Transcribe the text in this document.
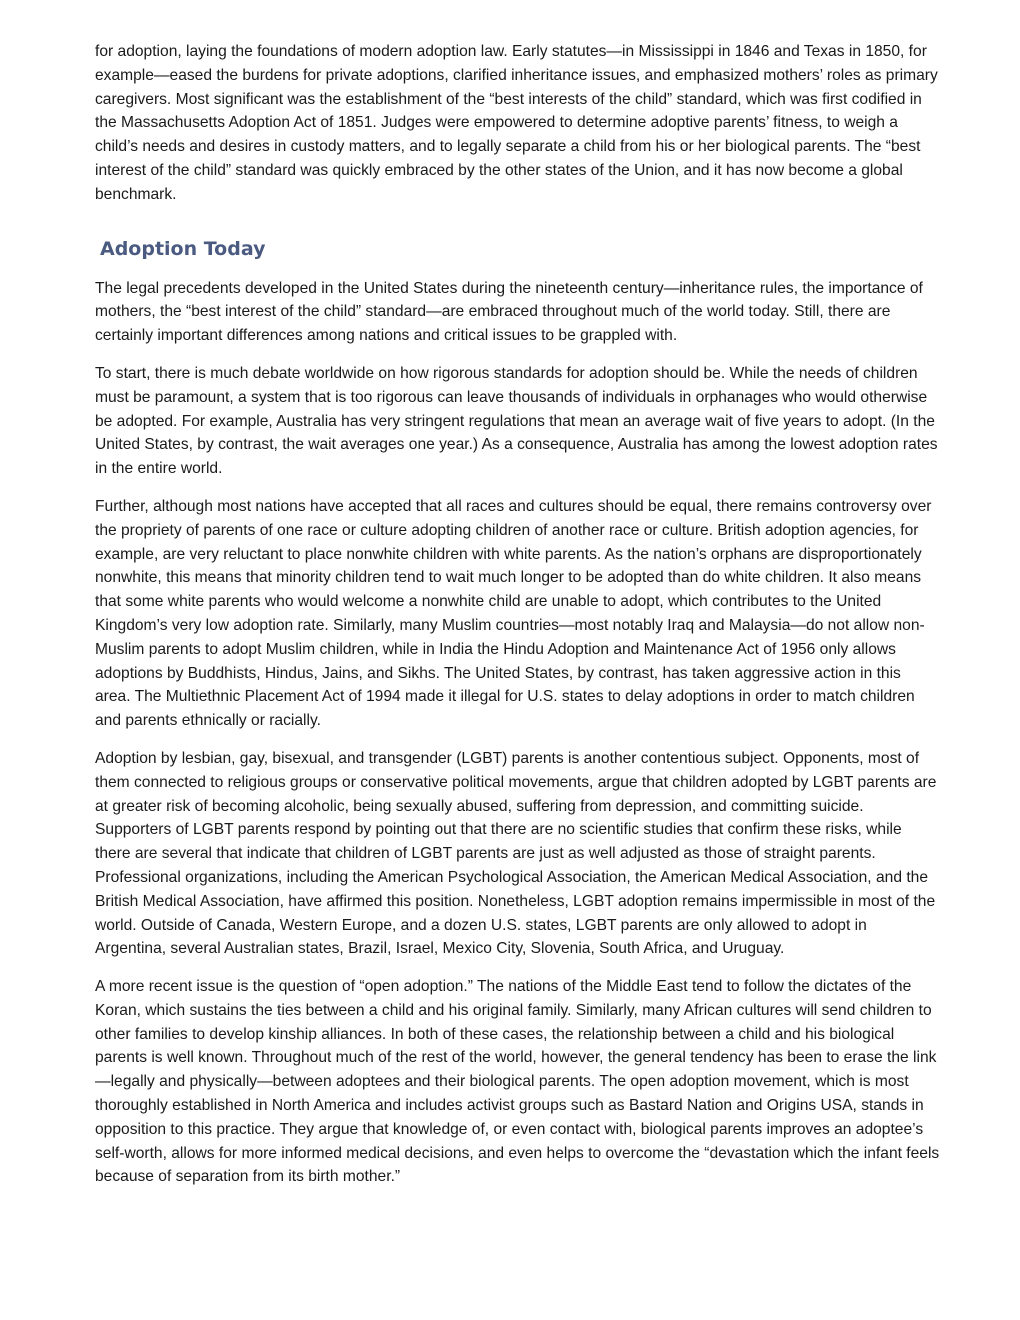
for adoption, laying the foundations of modern adoption law. Early statutes—in Mississippi in 1846 and Texas in 1850, for example—eased the burdens for private adoptions, clarified inheritance issues, and emphasized mothers’ roles as primary caregivers. Most significant was the establishment of the “best interests of the child” standard, which was first codified in the Massachusetts Adoption Act of 1851. Judges were empowered to determine adoptive parents’ fitness, to weigh a child’s needs and desires in custody matters, and to legally separate a child from his or her biological parents. The “best interest of the child” standard was quickly embraced by the other states of the Union, and it has now become a global benchmark.

Adoption Today

The legal precedents developed in the United States during the nineteenth century—inheritance rules, the importance of mothers, the “best interest of the child” standard—are embraced throughout much of the world today. Still, there are certainly important differences among nations and critical issues to be grappled with.

To start, there is much debate worldwide on how rigorous standards for adoption should be. While the needs of children must be paramount, a system that is too rigorous can leave thousands of individuals in orphanages who would otherwise be adopted. For example, Australia has very stringent regulations that mean an average wait of five years to adopt. (In the United States, by contrast, the wait averages one year.) As a consequence, Australia has among the lowest adoption rates in the entire world.

Further, although most nations have accepted that all races and cultures should be equal, there remains controversy over the propriety of parents of one race or culture adopting children of another race or culture. British adoption agencies, for example, are very reluctant to place nonwhite children with white parents. As the nation’s orphans are disproportionately nonwhite, this means that minority children tend to wait much longer to be adopted than do white children. It also means that some white parents who would welcome a nonwhite child are unable to adopt, which contributes to the United Kingdom’s very low adoption rate. Similarly, many Muslim countries—most notably Iraq and Malaysia—do not allow non-Muslim parents to adopt Muslim children, while in India the Hindu Adoption and Maintenance Act of 1956 only allows adoptions by Buddhists, Hindus, Jains, and Sikhs. The United States, by contrast, has taken aggressive action in this area. The Multiethnic Placement Act of 1994 made it illegal for U.S. states to delay adoptions in order to match children and parents ethnically or racially.

Adoption by lesbian, gay, bisexual, and transgender (LGBT) parents is another contentious subject. Opponents, most of them connected to religious groups or conservative political movements, argue that children adopted by LGBT parents are at greater risk of becoming alcoholic, being sexually abused, suffering from depression, and committing suicide. Supporters of LGBT parents respond by pointing out that there are no scientific studies that confirm these risks, while there are several that indicate that children of LGBT parents are just as well adjusted as those of straight parents. Professional organizations, including the American Psychological Association, the American Medical Association, and the British Medical Association, have affirmed this position. Nonetheless, LGBT adoption remains impermissible in most of the world. Outside of Canada, Western Europe, and a dozen U.S. states, LGBT parents are only allowed to adopt in Argentina, several Australian states, Brazil, Israel, Mexico City, Slovenia, South Africa, and Uruguay.

A more recent issue is the question of “open adoption.” The nations of the Middle East tend to follow the dictates of the Koran, which sustains the ties between a child and his original family. Similarly, many African cultures will send children to other families to develop kinship alliances. In both of these cases, the relationship between a child and his biological parents is well known. Throughout much of the rest of the world, however, the general tendency has been to erase the link—legally and physically—between adoptees and their biological parents. The open adoption movement, which is most thoroughly established in North America and includes activist groups such as Bastard Nation and Origins USA, stands in opposition to this practice. They argue that knowledge of, or even contact with, biological parents improves an adoptee’s self-worth, allows for more informed medical decisions, and even helps to overcome the “devastation which the infant feels because of separation from its birth mother.”
